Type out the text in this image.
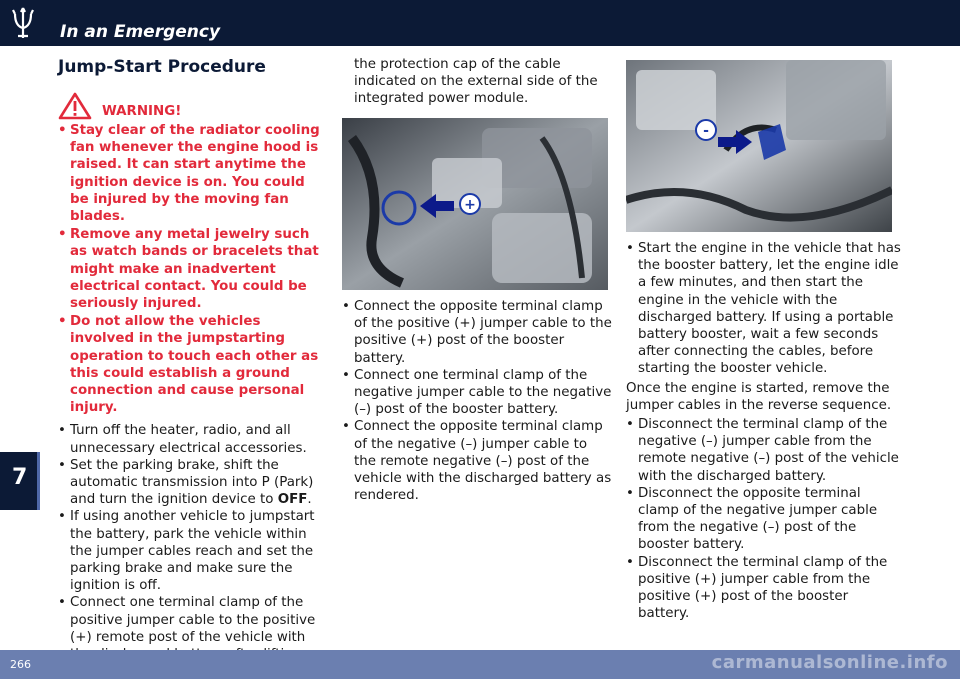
In an Emergency
7
Jump-Start Procedure
WARNING!
• Stay clear of the radiator cooling fan whenever the engine hood is raised. It can start anytime the ignition device is on. You could be injured by the moving fan blades.
• Remove any metal jewelry such as watch bands or bracelets that might make an inadvertent electrical contact. You could be seriously injured.
• Do not allow the vehicles involved in the jumpstarting operation to touch each other as this could establish a ground connection and cause personal injury.
• Turn off the heater, radio, and all unnecessary electrical accessories.
• Set the parking brake, shift the automatic transmission into P (Park) and turn the ignition device to OFF.
• If using another vehicle to jumpstart the battery, park the vehicle within the jumper cables reach and set the parking brake and make sure the ignition is off.
• Connect one terminal clamp of the positive jumper cable to the positive (+) remote post of the vehicle with

the protection cap of the cable indicated on the external side of the integrated power module.

+
• Connect the opposite terminal clamp of the positive (+) jumper cable to the positive (+) post of the booster battery.
• Connect one terminal clamp of the negative jumper cable to the negative (–) post of the booster battery.
• Connect the opposite terminal clamp of the negative (–) jumper cable to the remote negative (–) post of the vehicle with the discharged battery as rendered.
-
• Start the engine in the vehicle that has the booster battery, let the engine idle a few minutes, and then start the engine in the vehicle with the discharged battery. If using a portable battery booster, wait a few seconds after connecting the cables, before starting the booster vehicle.

Once the engine is started, remove the jumper cables in the reverse sequence.

• Disconnect the terminal clamp of the negative (–) jumper cable from the remote negative (–) post of the vehicle with the discharged battery.
• Disconnect the opposite terminal clamp of the negative jumper cable from the negative (–) post of the booster battery.
• Disconnect the terminal clamp of the positive (+) jumper cable from the positive (+) post of the booster battery.
266	carmanualsonline.info
